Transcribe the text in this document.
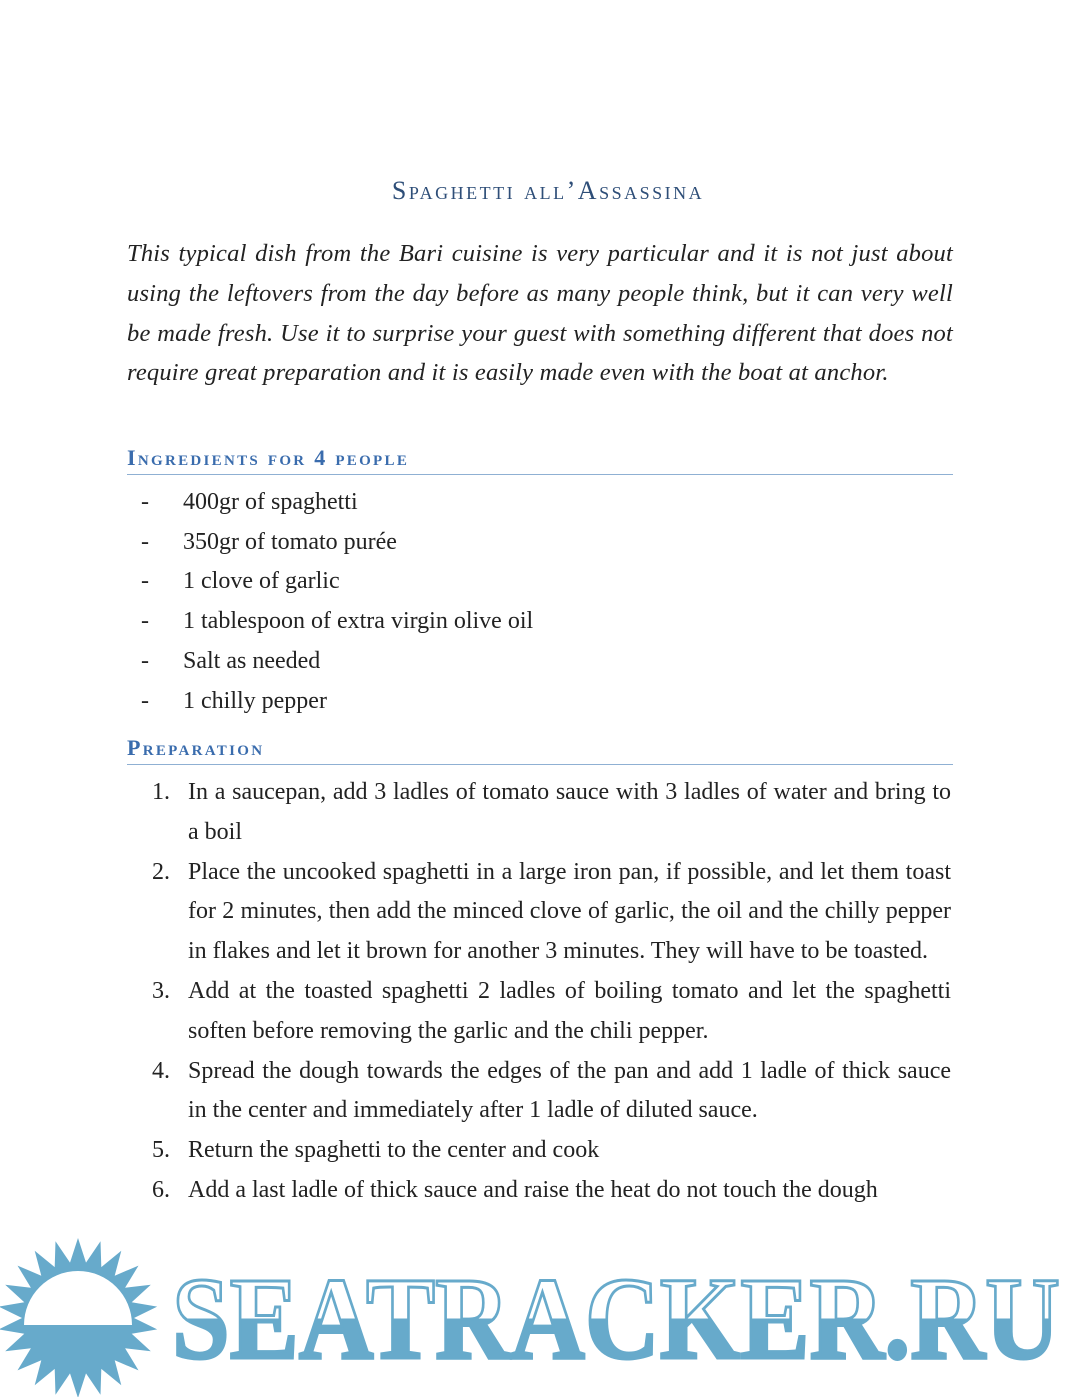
Spaghetti all’Assassina

This typical dish from the Bari cuisine is very particular and it is not just about using the leftovers from the day before as many people think, but it can very well be made fresh. Use it to surprise your guest with something different that does not require great preparation and it is easily made even with the boat at anchor.

Ingredients for 4 people
- 400gr of spaghetti
- 350gr of tomato purée
- 1 clove of garlic
- 1 tablespoon of extra virgin olive oil
- Salt as needed
- 1 chilly pepper
Preparation
1. In a saucepan, add 3 ladles of tomato sauce with 3 ladles of water and bring to a boil
2. Place the uncooked spaghetti in a large iron pan, if possible, and let them toast for 2 minutes, then add the minced clove of garlic, the oil and the chilly pepper in flakes and let it brown for another 3 minutes. They will have to be toasted.
3. Add at the toasted spaghetti 2 ladles of boiling tomato and let the spaghetti soften before removing the garlic and the chili pepper.
4. Spread the dough towards the edges of the pan and add 1 ladle of thick sauce in the center and immediately after 1 ladle of diluted sauce.
5. Return the spaghetti to the center and cook
6. Add a last ladle of thick sauce and raise the heat do not touch the dough
SEATRACKER.RU
